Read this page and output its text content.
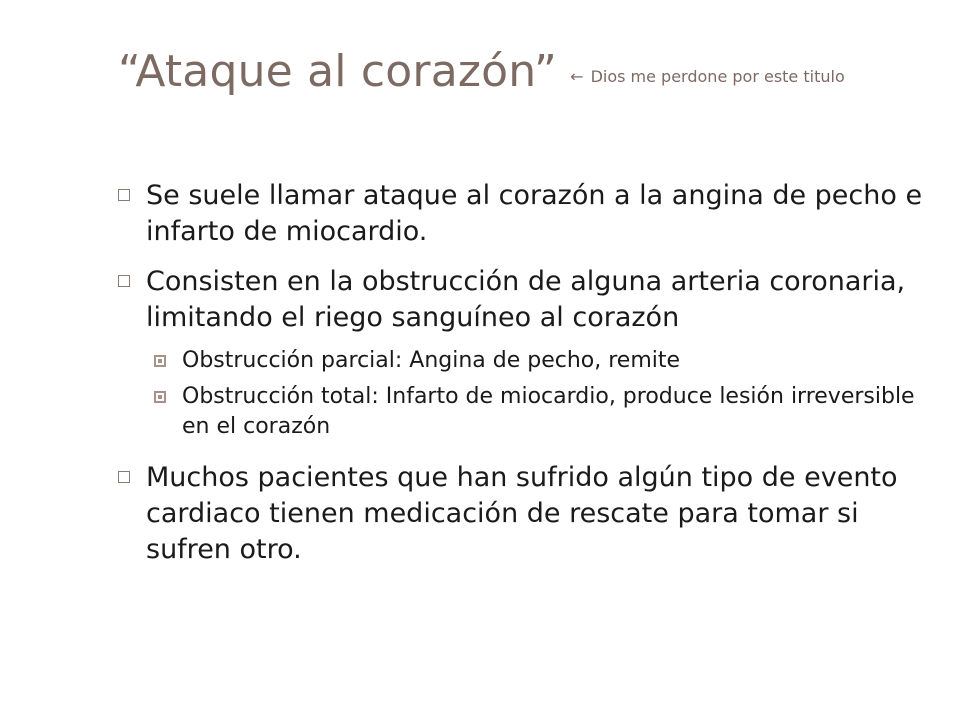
“Ataque al corazón” ← Dios me perdone por este titulo
Se suele llamar ataque al corazón a la angina de pecho e infarto de miocardio.
Consisten en la obstrucción de alguna arteria coronaria, limitando el riego sanguíneo al corazón
Obstrucción parcial: Angina de pecho, remite
Obstrucción total: Infarto de miocardio, produce lesión irreversible en el corazón
Muchos pacientes que han sufrido algún tipo de evento cardiaco tienen medicación de rescate para tomar si sufren otro.
